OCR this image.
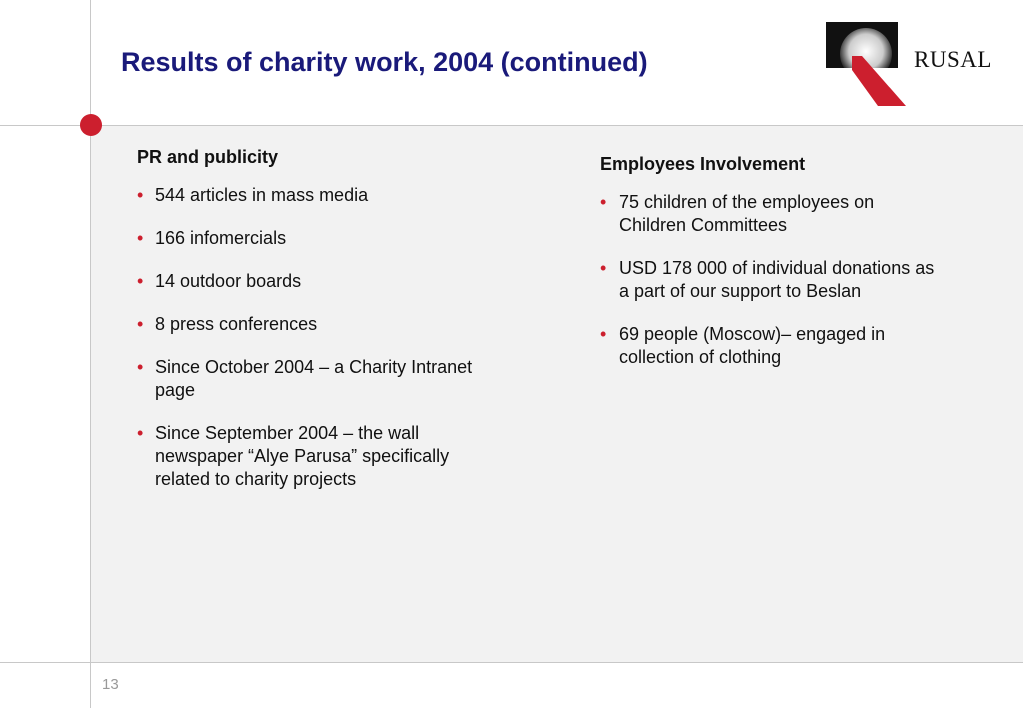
Results of charity work, 2004 (continued)	RUSAL
PR and publicity
• 544 articles in mass media
• 166 infomercials
• 14 outdoor boards
• 8 press conferences
• Since October 2004 – a Charity Intranet page
• Since September 2004 – the wall newspaper “Alye Parusa” specifically related to charity projects
Employees Involvement
• 75 children of the employees on Children Committees
• USD 178 000 of individual donations as a part of our support to Beslan
• 69 people (Moscow)– engaged in collection of clothing
13
